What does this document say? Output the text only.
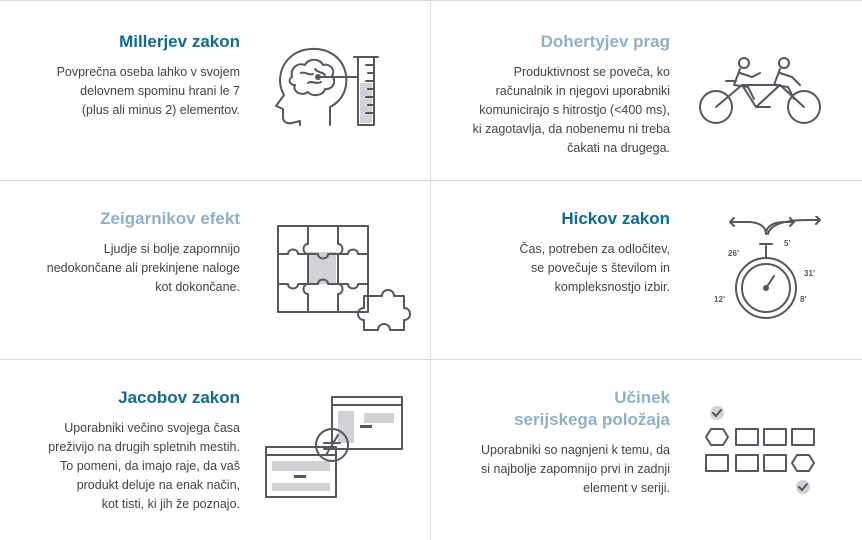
Millerjev zakon

Povprečna oseba lahko v svojem
delovnem spominu hrani le 7
(plus ali minus 2) elementov.

Dohertyjev prag

Produktivnost se poveča, ko
računalnik in njegovi uporabniki
komunicirajo s hitrostjo (<400 ms),
ki zagotavlja, da nobenemu ni treba
čakati na drugega.

Zeigarnikov efekt

Ljudje si bolje zapomnijo
nedokončane ali prekinjene naloge
kot dokončane.

Hickov zakon

Čas, potreben za odločitev,
se povečuje s številom in
kompleksnostjo izbir.

26’
5’
31’
12’	8’

Jacobov zakon

Uporabniki večino svojega časa
preživijo na drugih spletnih mestih.
To pomeni, da imajo raje, da vaš
produkt deluje na enak način,
kot tisti, ki jih že poznajo.

Učinek
serijskega položaja

Uporabniki so nagnjeni k temu, da
si najbolje zapomnijo prvi in zadnji
element v seriji.
